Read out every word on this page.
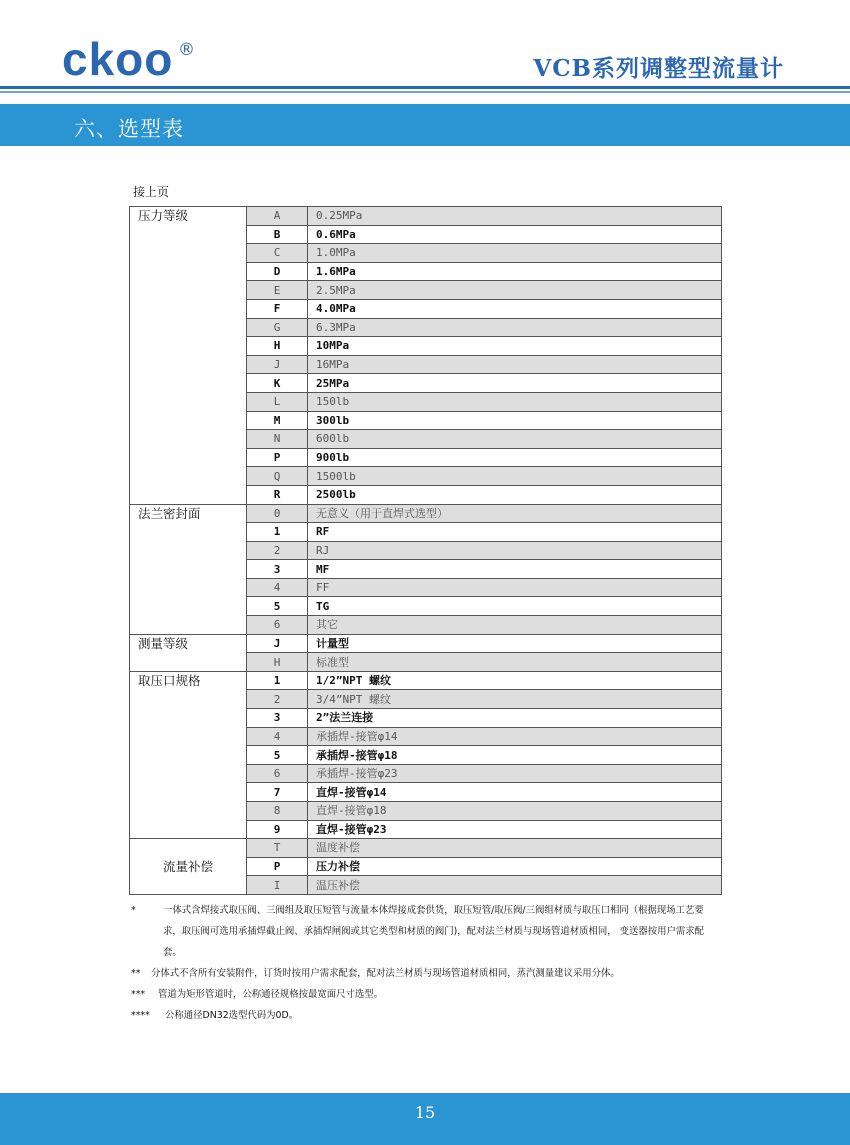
ckoo ®
VCB系列调整型流量计
六、选型表
接上页
压力等级	A	0.25MPa
	B	0.6MPa
	C	1.0MPa
	D	1.6MPa
	E	2.5MPa
	F	4.0MPa
	G	6.3MPa
	H	10MPa
	J	16MPa
	K	25MPa
	L	150lb
	M	300lb
	N	600lb
	P	900lb
	Q	1500lb
	R	2500lb
法兰密封面	0	无意义（用于直焊式选型）
	1	RF
	2	RJ
	3	MF
	4	FF
	5	TG
	6	其它
测量等级	J	计量型
	H	标准型
取压口规格	1	1/2”NPT 螺纹
	2	3/4”NPT 螺纹
	3	2”法兰连接
	4	承插焊-接管φ14
	5	承插焊-接管φ18
	6	承插焊-接管φ23
	7	直焊-接管φ14
	8	直焊-接管φ18
	9	直焊-接管φ23
流量补偿	T	温度补偿
	P	压力补偿
	I	温压补偿
*	一体式含焊接式取压阀、三阀组及取压短管与流量本体焊接成套供货，取压短管/取压阀/三阀组材质与取压口相同（根据现场工艺要求，取压阀可选用承插焊截止阀、承插焊闸阀或其它类型和材质的阀门)，配对法兰材质与现场管道材质相同， 变送器按用户需求配套。
**	分体式不含所有安装附件，订货时按用户需求配套，配对法兰材质与现场管道材质相同，蒸汽测量建议采用分体。
***	管道为矩形管道时，公称通径规格按最宽面尺寸选型。
****	公称通径DN32选型代码为0D。
15
